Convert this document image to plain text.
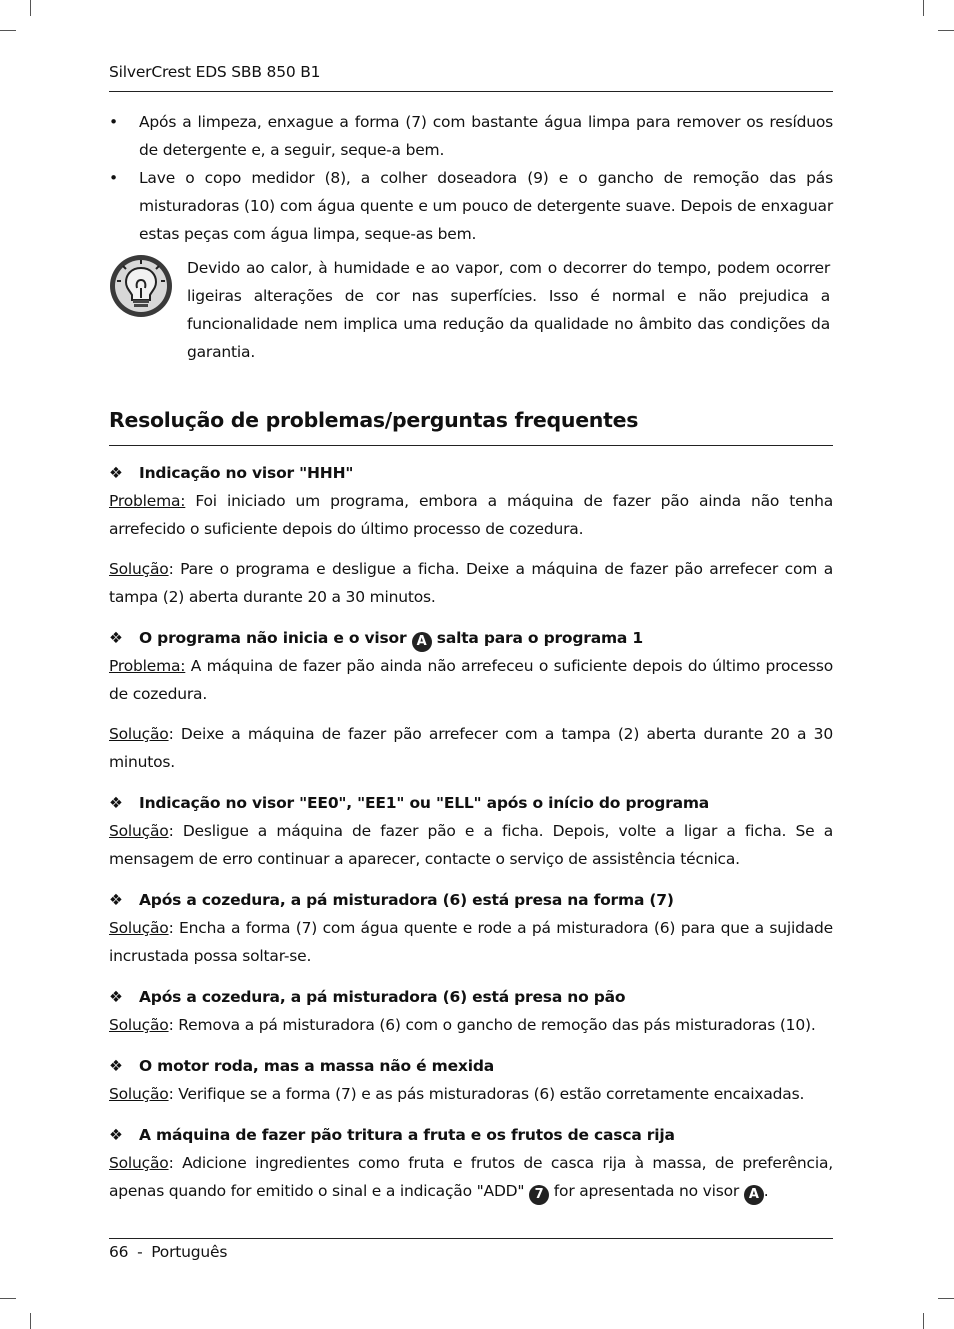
SilverCrest EDS SBB 850 B1
• Após a limpeza, enxague a forma (7) com bastante água limpa para remover os resíduos de detergente e, a seguir, seque-a bem.
• Lave o copo medidor (8), a colher doseadora (9) e o gancho de remoção das pás misturadoras (10) com água quente e um pouco de detergente suave. Depois de enxaguar estas peças com água limpa, seque-as bem.
Devido ao calor, à humidade e ao vapor, com o decorrer do tempo, podem ocorrer ligeiras alterações de cor nas superfícies. Isso é normal e não prejudica a funcionalidade nem implica uma redução da qualidade no âmbito das condições da garantia.
Resolução de problemas/perguntas frequentes
❖ Indicação no visor "HHH"
Problema: Foi iniciado um programa, embora a máquina de fazer pão ainda não tenha arrefecido o suficiente depois do último processo de cozedura.
Solução: Pare o programa e desligue a ficha. Deixe a máquina de fazer pão arrefecer com a tampa (2) aberta durante 20 a 30 minutos.
❖ O programa não inicia e o visor A salta para o programa 1
Problema: A máquina de fazer pão ainda não arrefeceu o suficiente depois do último processo de cozedura.
Solução: Deixe a máquina de fazer pão arrefecer com a tampa (2) aberta durante 20 a 30 minutos.
❖ Indicação no visor "EE0", "EE1" ou "ELL" após o início do programa
Solução: Desligue a máquina de fazer pão e a ficha. Depois, volte a ligar a ficha. Se a mensagem de erro continuar a aparecer, contacte o serviço de assistência técnica.
❖ Após a cozedura, a pá misturadora (6) está presa na forma (7)
Solução: Encha a forma (7) com água quente e rode a pá misturadora (6) para que a sujidade incrustada possa soltar-se.
❖ Após a cozedura, a pá misturadora (6) está presa no pão
Solução: Remova a pá misturadora (6) com o gancho de remoção das pás misturadoras (10).
❖ O motor roda, mas a massa não é mexida
Solução: Verifique se a forma (7) e as pás misturadoras (6) estão corretamente encaixadas.
❖ A máquina de fazer pão tritura a fruta e os frutos de casca rija
Solução: Adicione ingredientes como fruta e frutos de casca rija à massa, de preferência, apenas quando for emitido o sinal e a indicação "ADD" 7 for apresentada no visor A .
66 - Português
